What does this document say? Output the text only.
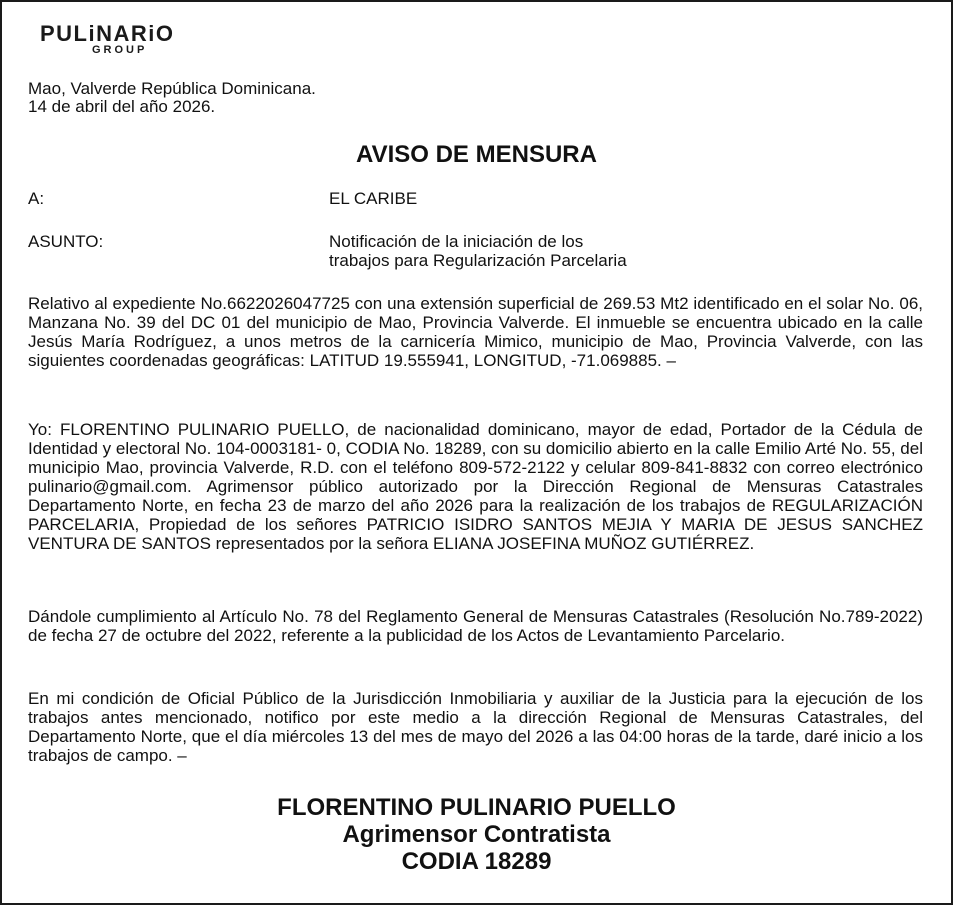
PULiNARiO
GROUP
Mao, Valverde República Dominicana.
14 de abril del año 2026.
AVISO DE MENSURA
A:	EL CARIBE
ASUNTO:	Notificación de la iniciación de los
trabajos para Regularización Parcelaria
Relativo al expediente No.6622026047725 con una extensión superficial de 269.53 Mt2 identificado en el solar No. 06, Manzana No. 39 del DC 01 del municipio de Mao, Provincia Valverde. El inmueble se encuentra ubicado en la calle Jesús María Rodríguez, a unos metros de la carnicería Mimico, municipio de Mao, Provincia Valverde, con las siguientes coordenadas geográficas: LATITUD 19.555941, LONGITUD, -71.069885. –
Yo: FLORENTINO PULINARIO PUELLO, de nacionalidad dominicano, mayor de edad, Portador de la Cédula de Identidad y electoral No. 104-0003181- 0, CODIA No. 18289, con su domicilio abierto en la calle Emilio Arté No. 55, del municipio Mao, provincia Valverde, R.D. con el teléfono 809-572-2122 y celular 809-841-8832 con correo electrónico pulinario@gmail.com. Agrimensor público autorizado por la Dirección Regional de Mensuras Catastrales Departamento Norte, en fecha 23 de marzo del año 2026 para la realización de los trabajos de REGULARIZACIÓN PARCELARIA, Propiedad de los señores PATRICIO ISIDRO SANTOS MEJIA Y MARIA DE JESUS SANCHEZ VENTURA DE SANTOS representados por la señora ELIANA JOSEFINA MUÑOZ GUTIÉRREZ.
Dándole cumplimiento al Artículo No. 78 del Reglamento General de Mensuras Catastrales (Resolución No.789-2022) de fecha 27 de octubre del 2022, referente a la publicidad de los Actos de Levantamiento Parcelario.
En mi condición de Oficial Público de la Jurisdicción Inmobiliaria y auxiliar de la Justicia para la ejecución de los trabajos antes mencionado, notifico por este medio a la dirección Regional de Mensuras Catastrales, del Departamento Norte, que el día miércoles 13 del mes de mayo del 2026 a las 04:00 horas de la tarde, daré inicio a los trabajos de campo. –
FLORENTINO PULINARIO PUELLO
Agrimensor Contratista
CODIA 18289
